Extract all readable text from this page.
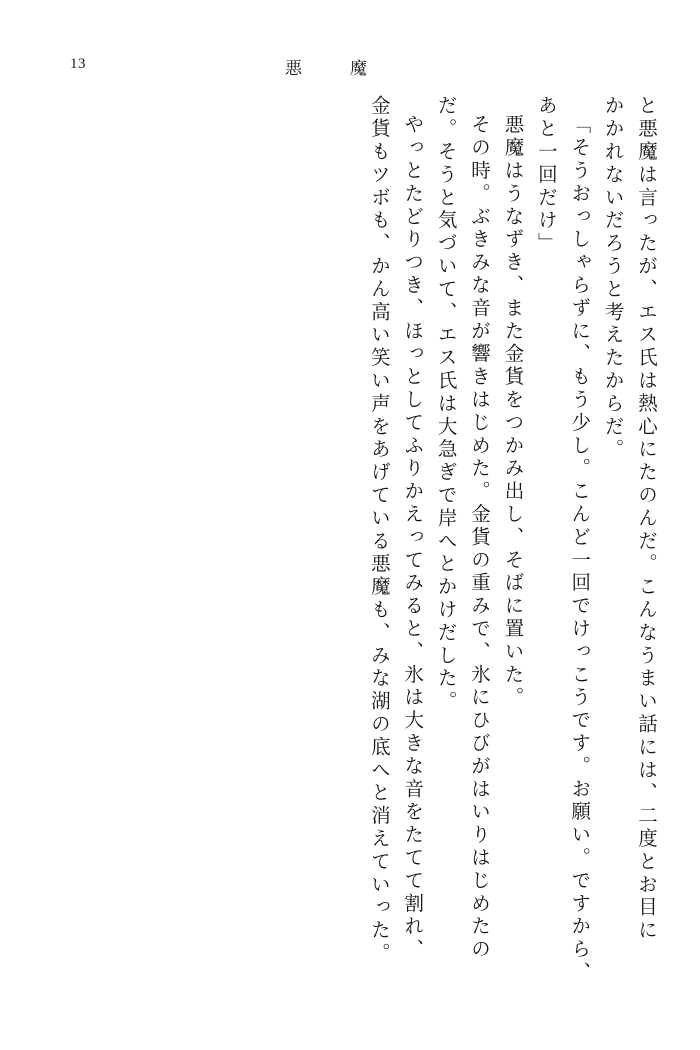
13	悪	魔
と悪魔は言ったが、エス氏は熱心にたのんだ。こんなうまい話には、二度とお目に
かかれないだろうと考えたからだ。
「そうおっしゃらずに、もう少し。こんど一回でけっこうです。お願い。ですから、
あと一回だけ」
悪魔はうなずき、また金貨をつかみ出し、そばに置いた。
その時。ぶきみな音が響きはじめた。金貨の重みで、氷にひびがはいりはじめたの
だ。そうと気づいて、エス氏は大急ぎで岸へとかけだした。
やっとたどりつき、ほっとしてふりかえってみると、氷は大きな音をたてて割れ、
金貨もツボも、かん高い笑い声をあげている悪魔も、みな湖の底へと消えていった。
